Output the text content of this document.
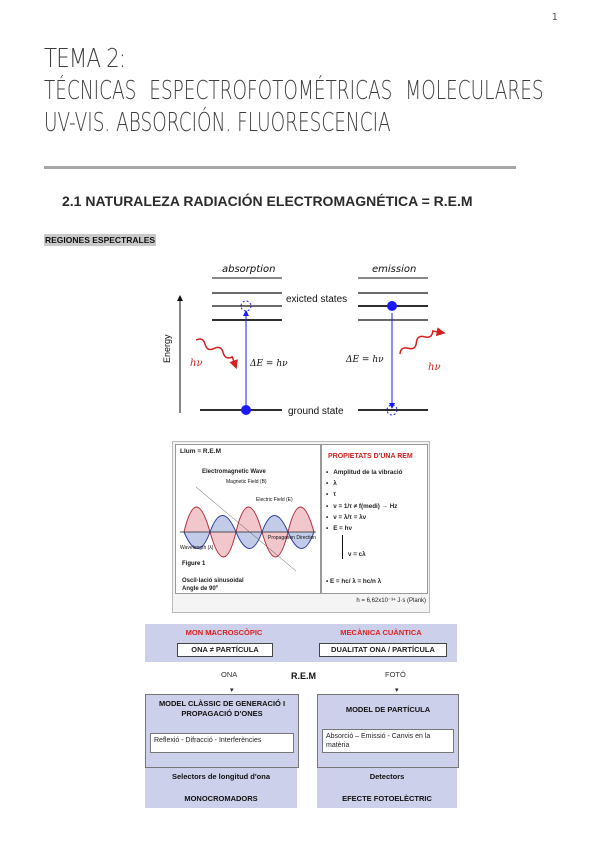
1
TEMA 2:
TÉCNICAS ESPECTROFOTOMÉTRICAS MOLECULARES
UV-VIS. ABSORCIÓN. FLUORESCENCIA
2.1 NATURALEZA RADIACIÓN ELECTROMAGNÉTICA = R.E.M
REGIONES ESPECTRALES
absorption	emission
exicted states
ground state
Energy
ΔE = hν
hν	ΔE = hν
hν
Llum = R.E.M
Electromagnetic Wave
Magnetic Field (B)
Electric Field (E)
Propagation Direction
Wavelength (λ)
Figure 1
Oscil·lació sinusoidal
Angle de 90º
PROPIETATS D'UNA REM
• Amplitud de la vibració
• λ
• τ
• ν = 1/τ ≠ f(medi) → Hz
• ν = λ/τ = λν
• E = hν
ν = cλ
• E = hc/ λ = hc/n λ
h = 6,62x10⁻³⁴ J·s (Plank)
MON MACROSCÒPIC
ONA ≠ PARTÍCULA
MECÀNICA CUÀNTICA
DUALITAT ONA / PARTÍCULA
ONA	R.E.M	FOTÓ
▾	▾
MODEL CLÀSSIC DE GENERACIÓ I PROPAGACIÓ D'ONES
Reflexió - Difracció - Interferències
MODEL DE PARTÍCULA
Absorció – Emissió - Canvis en la matèria
Selectors de longitud d'ona
MONOCROMADORS
Detectors
EFECTE FOTOELÈCTRIC
